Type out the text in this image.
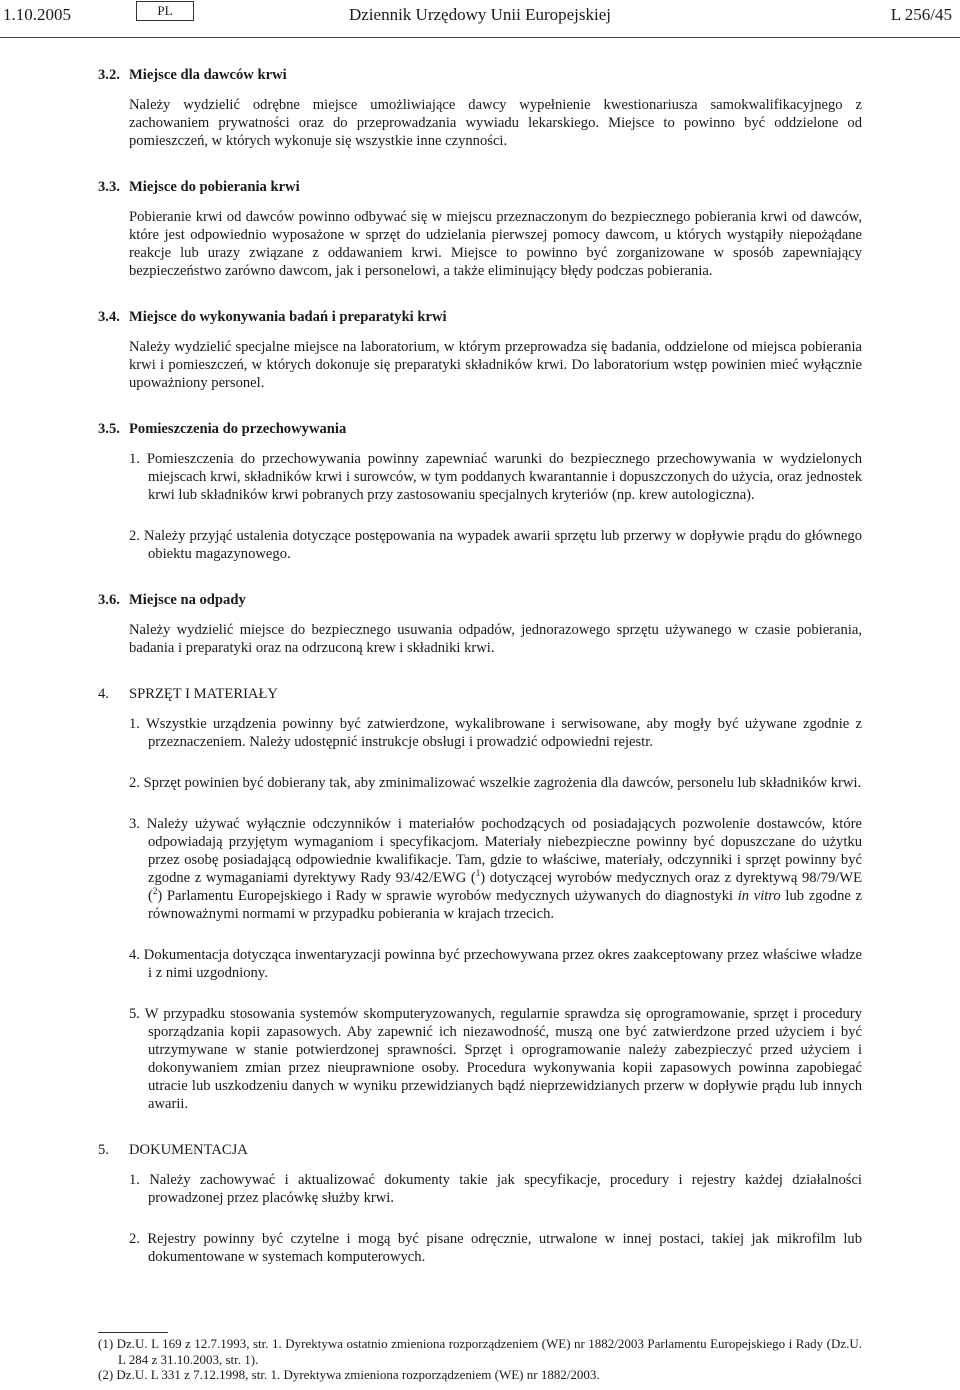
1.10.2005	PL	Dziennik Urzędowy Unii Europejskiej	L 256/45
3.2. Miejsce dla dawców krwi
Należy wydzielić odrębne miejsce umożliwiające dawcy wypełnienie kwestionariusza samokwalifikacyjnego z zachowaniem prywatności oraz do przeprowadzania wywiadu lekarskiego. Miejsce to powinno być oddzielone od pomieszczeń, w których wykonuje się wszystkie inne czynności.
3.3. Miejsce do pobierania krwi
Pobieranie krwi od dawców powinno odbywać się w miejscu przeznaczonym do bezpiecznego pobierania krwi od dawców, które jest odpowiednio wyposażone w sprzęt do udzielania pierwszej pomocy dawcom, u których wystąpiły niepożądane reakcje lub urazy związane z oddawaniem krwi. Miejsce to powinno być zorganizowane w sposób zapewniający bezpieczeństwo zarówno dawcom, jak i personelowi, a także eliminujący błędy podczas pobierania.
3.4. Miejsce do wykonywania badań i preparatyki krwi
Należy wydzielić specjalne miejsce na laboratorium, w którym przeprowadza się badania, oddzielone od miejsca pobierania krwi i pomieszczeń, w których dokonuje się preparatyki składników krwi. Do laboratorium wstęp powinien mieć wyłącznie upoważniony personel.
3.5. Pomieszczenia do przechowywania
1. Pomieszczenia do przechowywania powinny zapewniać warunki do bezpiecznego przechowywania w wydzielonych miejscach krwi, składników krwi i surowców, w tym poddanych kwarantannie i dopuszczonych do użycia, oraz jednostek krwi lub składników krwi pobranych przy zastosowaniu specjalnych kryteriów (np. krew autologiczna).
2. Należy przyjąć ustalenia dotyczące postępowania na wypadek awarii sprzętu lub przerwy w dopływie prądu do głównego obiektu magazynowego.
3.6. Miejsce na odpady
Należy wydzielić miejsce do bezpiecznego usuwania odpadów, jednorazowego sprzętu używanego w czasie pobierania, badania i preparatyki oraz na odrzuconą krew i składniki krwi.
4. SPRZĘT I MATERIAŁY
1. Wszystkie urządzenia powinny być zatwierdzone, wykalibrowane i serwisowane, aby mogły być używane zgodnie z przeznaczeniem. Należy udostępnić instrukcje obsługi i prowadzić odpowiedni rejestr.
2. Sprzęt powinien być dobierany tak, aby zminimalizować wszelkie zagrożenia dla dawców, personelu lub składników krwi.
3. Należy używać wyłącznie odczynników i materiałów pochodzących od posiadających pozwolenie dostawców, które odpowiadają przyjętym wymaganiom i specyfikacjom. Materiały niebezpieczne powinny być dopuszczane do użytku przez osobę posiadającą odpowiednie kwalifikacje. Tam, gdzie to właściwe, materiały, odczynniki i sprzęt powinny być zgodne z wymaganiami dyrektywy Rady 93/42/EWG ($^1$) dotyczącej wyrobów medycznych oraz z dyrektywą 98/79/WE ($^2$) Parlamentu Europejskiego i Rady w sprawie wyrobów medycznych używanych do diagnostyki in vitro lub zgodne z równoważnymi normami w przypadku pobierania w krajach trzecich.
4. Dokumentacja dotycząca inwentaryzacji powinna być przechowywana przez okres zaakceptowany przez właściwe władze i z nimi uzgodniony.
5. W przypadku stosowania systemów skomputeryzowanych, regularnie sprawdza się oprogramowanie, sprzęt i procedury sporządzania kopii zapasowych. Aby zapewnić ich niezawodność, muszą one być zatwierdzone przed użyciem i być utrzymywane w stanie potwierdzonej sprawności. Sprzęt i oprogramowanie należy zabezpieczyć przed użyciem i dokonywaniem zmian przez nieuprawnione osoby. Procedura wykonywania kopii zapasowych powinna zapobiegać utracie lub uszkodzeniu danych w wyniku przewidzianych bądź nieprzewidzianych przerw w dopływie prądu lub innych awarii.
5. DOKUMENTACJA
1. Należy zachowywać i aktualizować dokumenty takie jak specyfikacje, procedury i rejestry każdej działalności prowadzonej przez placówkę służby krwi.
2. Rejestry powinny być czytelne i mogą być pisane odręcznie, utrwalone w innej postaci, takiej jak mikrofilm lub dokumentowane w systemach komputerowych.
(1) Dz.U. L 169 z 12.7.1993, str. 1. Dyrektywa ostatnio zmieniona rozporządzeniem (WE) nr 1882/2003 Parlamentu Europejskiego i Rady (Dz.U. L 284 z 31.10.2003, str. 1).
(2) Dz.U. L 331 z 7.12.1998, str. 1. Dyrektywa zmieniona rozporządzeniem (WE) nr 1882/2003.
